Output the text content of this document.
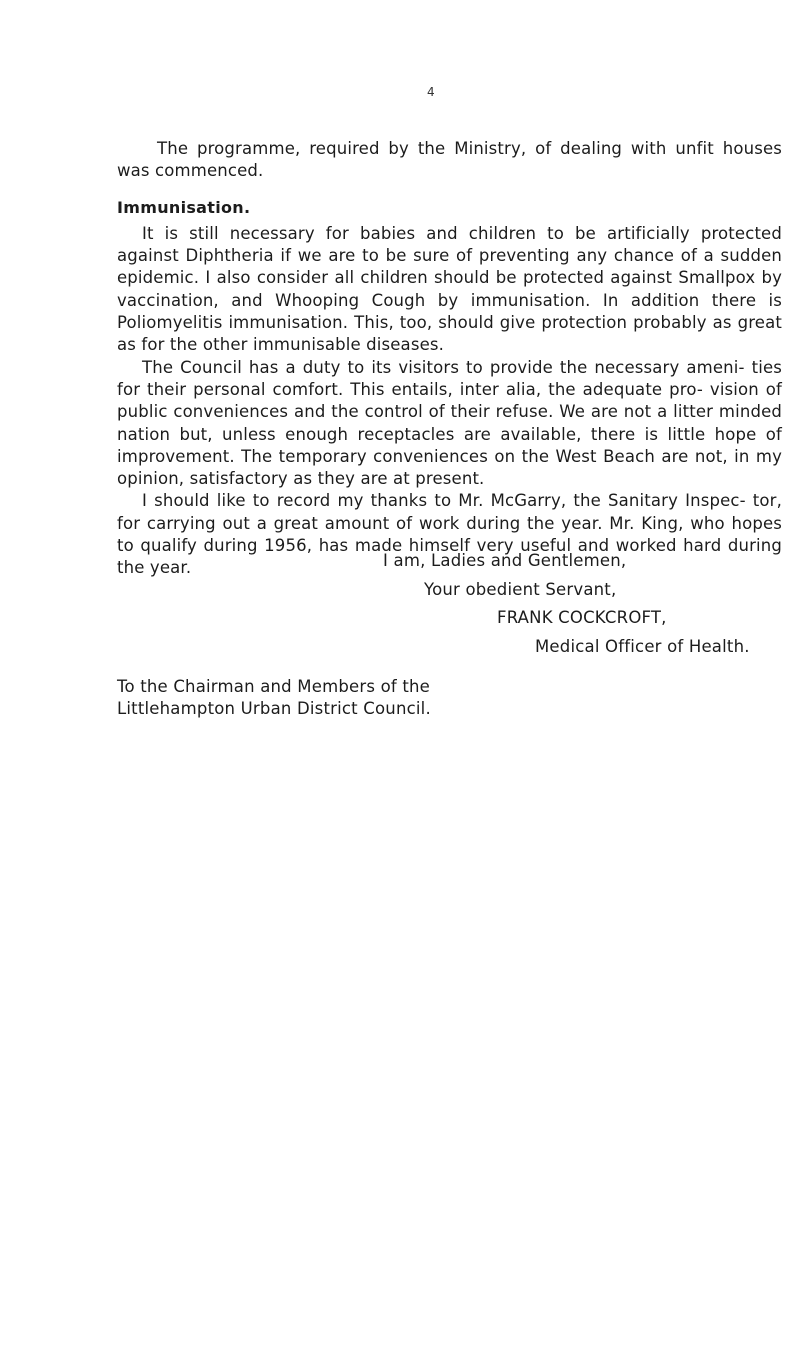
4

The programme, required by the Ministry, of dealing with unfit houses was commenced.

Immunisation.

It is still necessary for babies and children to be artificially protected against Diphtheria if we are to be sure of preventing any chance of a sudden epidemic. I also consider all children should be protected against Smallpox by vaccination, and Whooping Cough by immunisation. In addition there is Poliomyelitis immunisation. This, too, should give protection probably as great as for the other immunisable diseases.

The Council has a duty to its visitors to provide the necessary ameni- ties for their personal comfort. This entails, inter alia, the adequate pro- vision of public conveniences and the control of their refuse. We are not a litter minded nation but, unless enough receptacles are available, there is little hope of improvement. The temporary conveniences on the West Beach are not, in my opinion, satisfactory as they are at present.

I should like to record my thanks to Mr. McGarry, the Sanitary Inspec- tor, for carrying out a great amount of work during the year. Mr. King, who hopes to qualify during 1956, has made himself very useful and worked hard during the year.	I am, Ladies and Gentlemen,
Your obedient Servant,
FRANK COCKCROFT,
Medical Officer of Health.
To the Chairman and Members of the
Littlehampton Urban District Council.
